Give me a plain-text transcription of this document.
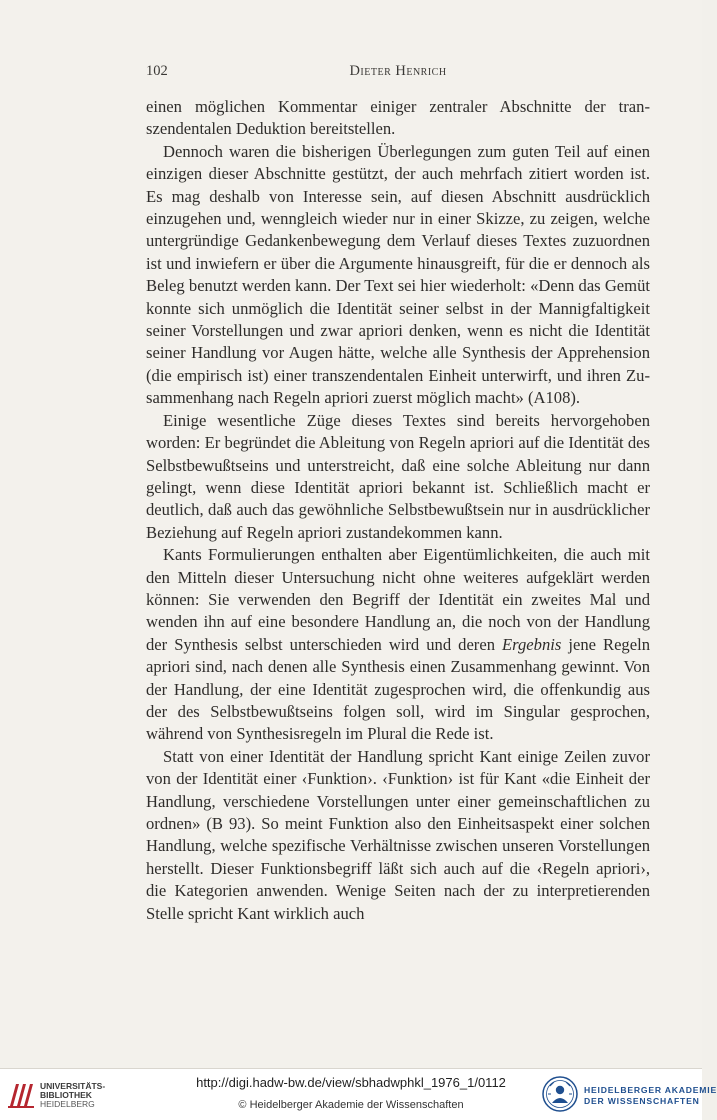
102	Dieter Henrich

einen möglichen Kommentar einiger zentraler Abschnitte der transzendentalen Deduktion bereitstellen.

Dennoch waren die bisherigen Überlegungen zum guten Teil auf einen einzigen dieser Abschnitte gestützt, der auch mehrfach zitiert worden ist. Es mag deshalb von Interesse sein, auf diesen Abschnitt ausdrücklich einzugehen und, wenngleich wieder nur in einer Skizze, zu zeigen, welche untergründige Gedankenbewegung dem Verlauf dieses Textes zuzuordnen ist und inwiefern er über die Argumente hinausgreift, für die er dennoch als Beleg benutzt werden kann. Der Text sei hier wiederholt: «Denn das Gemüt konnte sich unmöglich die Identität seiner selbst in der Mannigfaltigkeit seiner Vorstellungen und zwar apriori denken, wenn es nicht die Identität seiner Handlung vor Augen hätte, welche alle Synthesis der Apprehension (die empirisch ist) einer transzendentalen Einheit unterwirft, und ihren Zusammenhang nach Regeln apriori zuerst möglich macht» (A108).

Einige wesentliche Züge dieses Textes sind bereits hervorgehoben worden: Er begründet die Ableitung von Regeln apriori auf die Identität des Selbstbewußtseins und unterstreicht, daß eine solche Ableitung nur dann gelingt, wenn diese Identität apriori bekannt ist. Schließlich macht er deutlich, daß auch das gewöhnliche Selbstbewußtsein nur in ausdrücklicher Beziehung auf Regeln apriori zustandekommen kann.

Kants Formulierungen enthalten aber Eigentümlichkeiten, die auch mit den Mitteln dieser Untersuchung nicht ohne weiteres aufgeklärt werden können: Sie verwenden den Begriff der Identität ein zweites Mal und wenden ihn auf eine besondere Handlung an, die noch von der Handlung der Synthesis selbst unterschieden wird und deren Ergebnis jene Regeln apriori sind, nach denen alle Synthesis einen Zusammenhang gewinnt. Von der Handlung, der eine Identität zugesprochen wird, die offenkundig aus der des Selbstbewußtseins folgen soll, wird im Singular gesprochen, während von Synthesisregeln im Plural die Rede ist.

Statt von einer Identität der Handlung spricht Kant einige Zeilen zuvor von der Identität einer ‹Funktion›. ‹Funktion› ist für Kant «die Einheit der Handlung, verschiedene Vorstellungen unter einer gemeinschaftlichen zu ordnen» (B 93). So meint Funktion also den Einheitsaspekt einer solchen Handlung, welche spezifische Verhältnisse zwischen unseren Vorstellungen herstellt. Dieser Funktionsbegriff läßt sich auch auf die ‹Regeln apriori›, die Kategorien anwenden. Wenige Seiten nach der zu interpretierenden Stelle spricht Kant wirklich auch

UNIVERSITÄTS-
BIBLIOTHEK
HEIDELBERG
http://digi.hadw-bw.de/view/sbhadwphkl_1976_1/0112
© Heidelberger Akademie der Wissenschaften
HEIDELBERGER AKADEMIE
DER WISSENSCHAFTEN
